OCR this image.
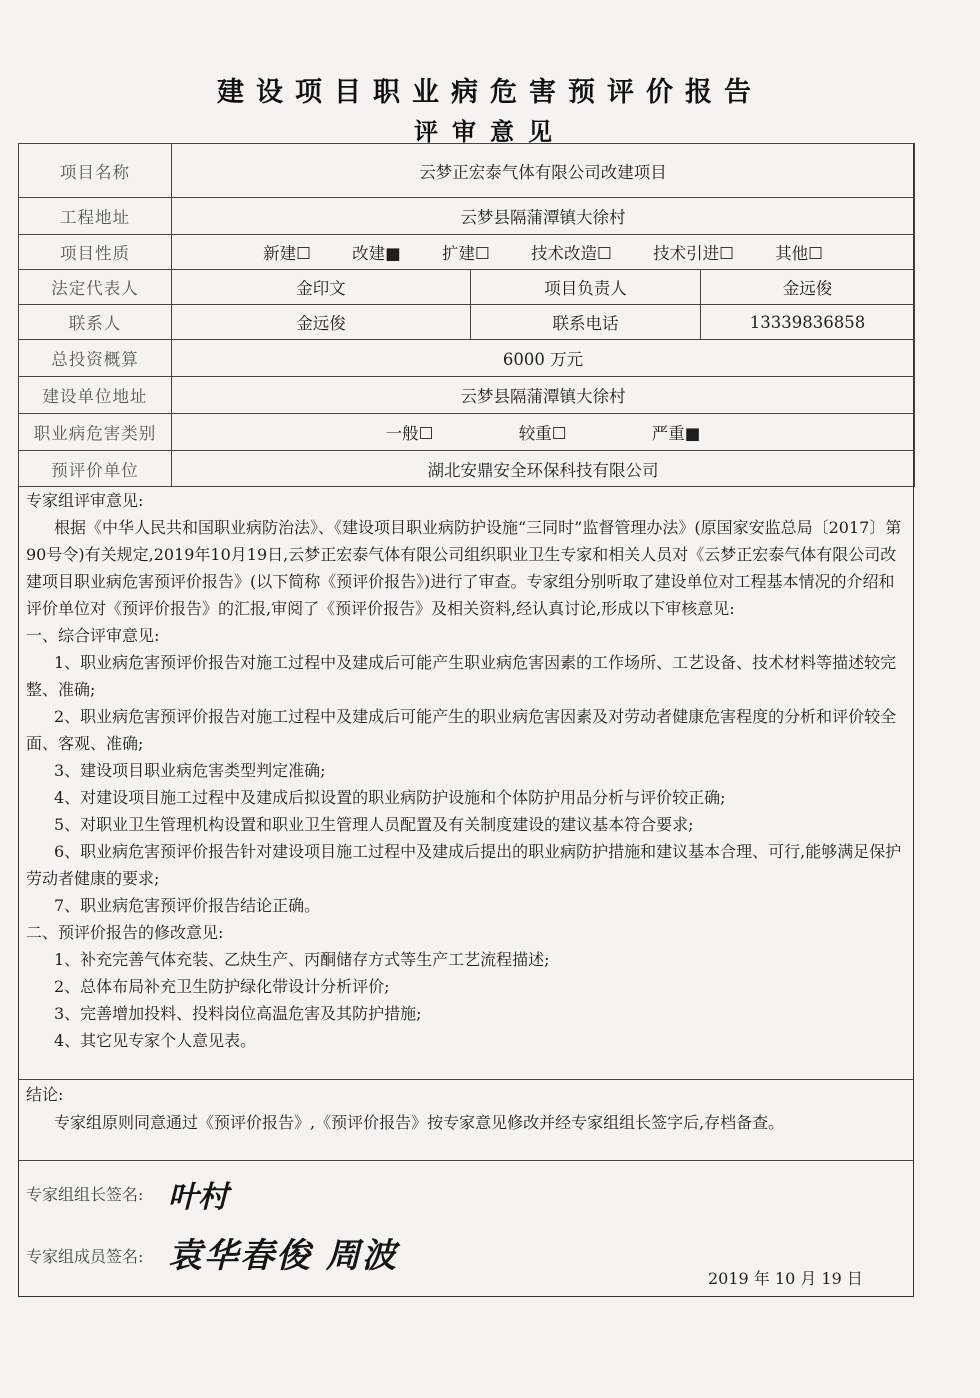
建设项目职业病危害预评价报告
评审意见
项目名称	云梦正宏泰气体有限公司改建项目		
工程地址	云梦县隔蒲潭镇大徐村		
项目性质	新建☐ 改建■ 扩建☐ 技术改造☐ 技术引进☐ 其他☐		
法定代表人	金印文	项目负责人	金远俊
联系人	金远俊	联系电话	13339836858
总投资概算	6000 万元		
建设单位地址	云梦县隔蒲潭镇大徐村		
职业病危害类别	一般☐ 较重☐ 严重■		
预评价单位	湖北安鼎安全环保科技有限公司		

专家组评审意见:

根据《中华人民共和国职业病防治法》、《建设项目职业病防护设施“三同时”监督管理办法》(原国家安监总局〔2017〕第90号令)有关规定,2019年10月19日,云梦正宏泰气体有限公司组织职业卫生专家和相关人员对《云梦正宏泰气体有限公司改建项目职业病危害预评价报告》(以下简称《预评价报告》)进行了审查。专家组分别听取了建设单位对工程基本情况的介绍和评价单位对《预评价报告》的汇报,审阅了《预评价报告》及相关资料,经认真讨论,形成以下审核意见:

一、综合评审意见:

1、职业病危害预评价报告对施工过程中及建成后可能产生职业病危害因素的工作场所、工艺设备、技术材料等描述较完整、准确;

2、职业病危害预评价报告对施工过程中及建成后可能产生的职业病危害因素及对劳动者健康危害程度的分析和评价较全面、客观、准确;

3、建设项目职业病危害类型判定准确;

4、对建设项目施工过程中及建成后拟设置的职业病防护设施和个体防护用品分析与评价较正确;

5、对职业卫生管理机构设置和职业卫生管理人员配置及有关制度建设的建议基本符合要求;

6、职业病危害预评价报告针对建设项目施工过程中及建成后提出的职业病防护措施和建议基本合理、可行,能够满足保护劳动者健康的要求;

7、职业病危害预评价报告结论正确。

二、预评价报告的修改意见:

1、补充完善气体充装、乙炔生产、丙酮储存方式等生产工艺流程描述;

2、总体布局补充卫生防护绿化带设计分析评价;

3、完善增加投料、投料岗位高温危害及其防护措施;

4、其它见专家个人意见表。

结论:
专家组原则同意通过《预评价报告》,《预评价报告》按专家意见修改并经专家组组长签字后,存档备查。
专家组组长签名: 叶村
专家组成员签名: 袁华春俊 周波
2019 年 10 月 19 日
